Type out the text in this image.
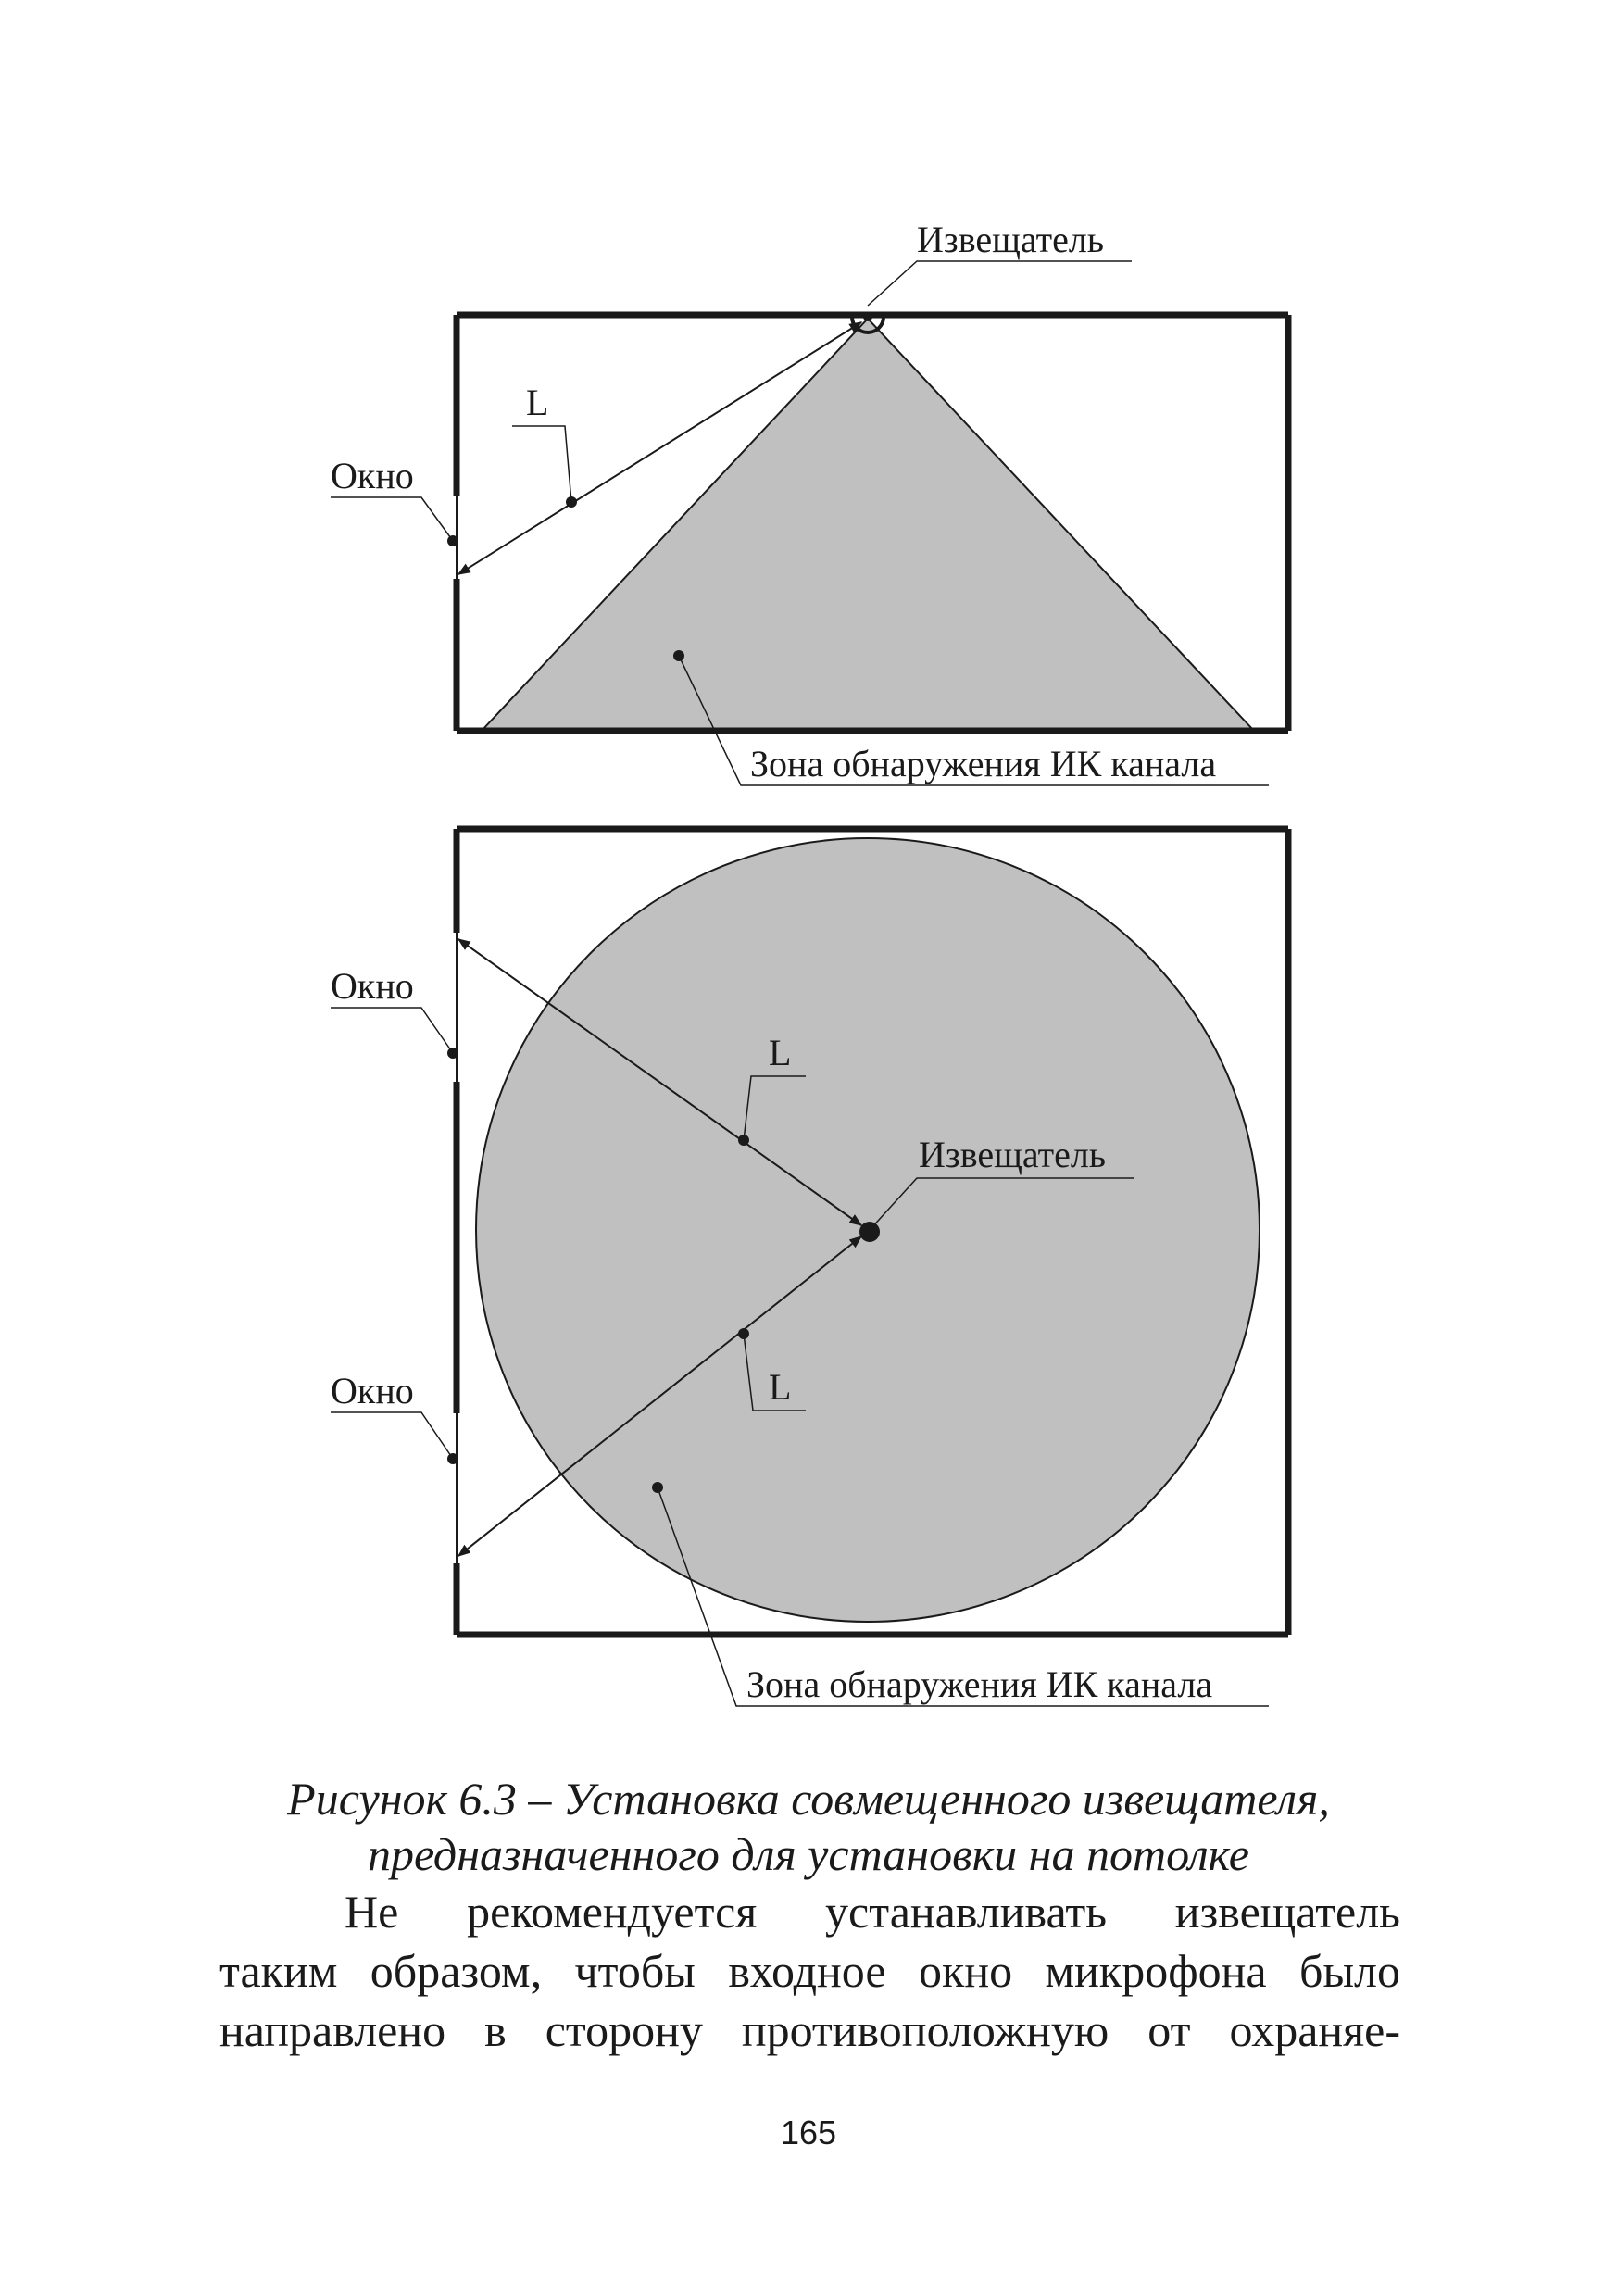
Извещатель
L
Окно
Зона обнаружения ИК канала
Извещатель
L
L
Окно
Окно
Зона обнаружения ИК канала
Рисунок 6.3 – Установка совмещенного извещателя,
предназначенного для установки на потолке
Не рекомендуется устанавливать извещатель
таким образом, чтобы входное окно микрофона было
направлено в сторону противоположную от охраняе-
165
